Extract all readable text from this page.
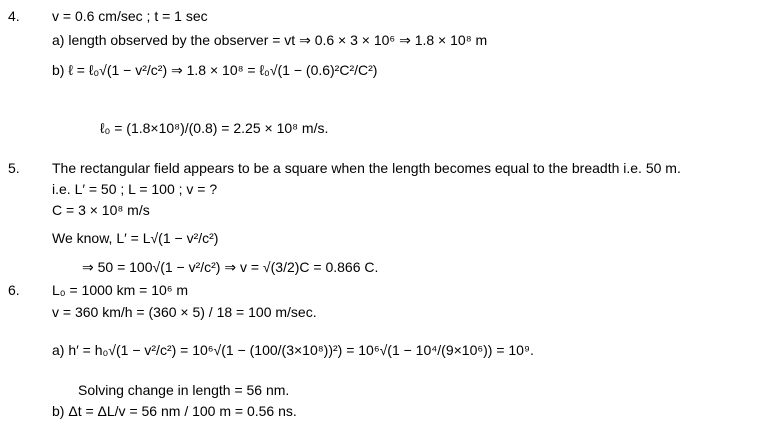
4. v = 0.6 cm/sec ; t = 1 sec
a) length observed by the observer = vt ⇒ 0.6 × 3 × 10⁶ ⇒ 1.8 × 10⁸ m
b) ℓ = ℓ₀√(1 − v²/c²) ⇒ 1.8 × 10⁸ = ℓ₀√(1 − (0.6)²C²/C²)
ℓ₀ = (1.8×10⁸)/(0.8) = 2.25 × 10⁸ m/s.
5. The rectangular field appears to be a square when the length becomes equal to the breadth i.e. 50 m.
i.e. L′ = 50 ; L = 100 ; v = ?
C = 3 × 10⁸ m/s
We know, L′ = L√(1 − v²/c²)
⇒ 50 = 100√(1 − v²/c²) ⇒ v = √(3/2)C = 0.866 C.
6. L₀ = 1000 km = 10⁶ m
v = 360 km/h = (360 × 5) / 18 = 100 m/sec.
a) h′ = h₀√(1 − v²/c²) = 10⁶√(1 − (100/(3×10⁸))²) = 10⁶√(1 − 10⁴/(9×10⁶)) = 10⁹.
Solving change in length = 56 nm.
b) Δt = ΔL/v = 56 nm / 100 m = 0.56 ns.
